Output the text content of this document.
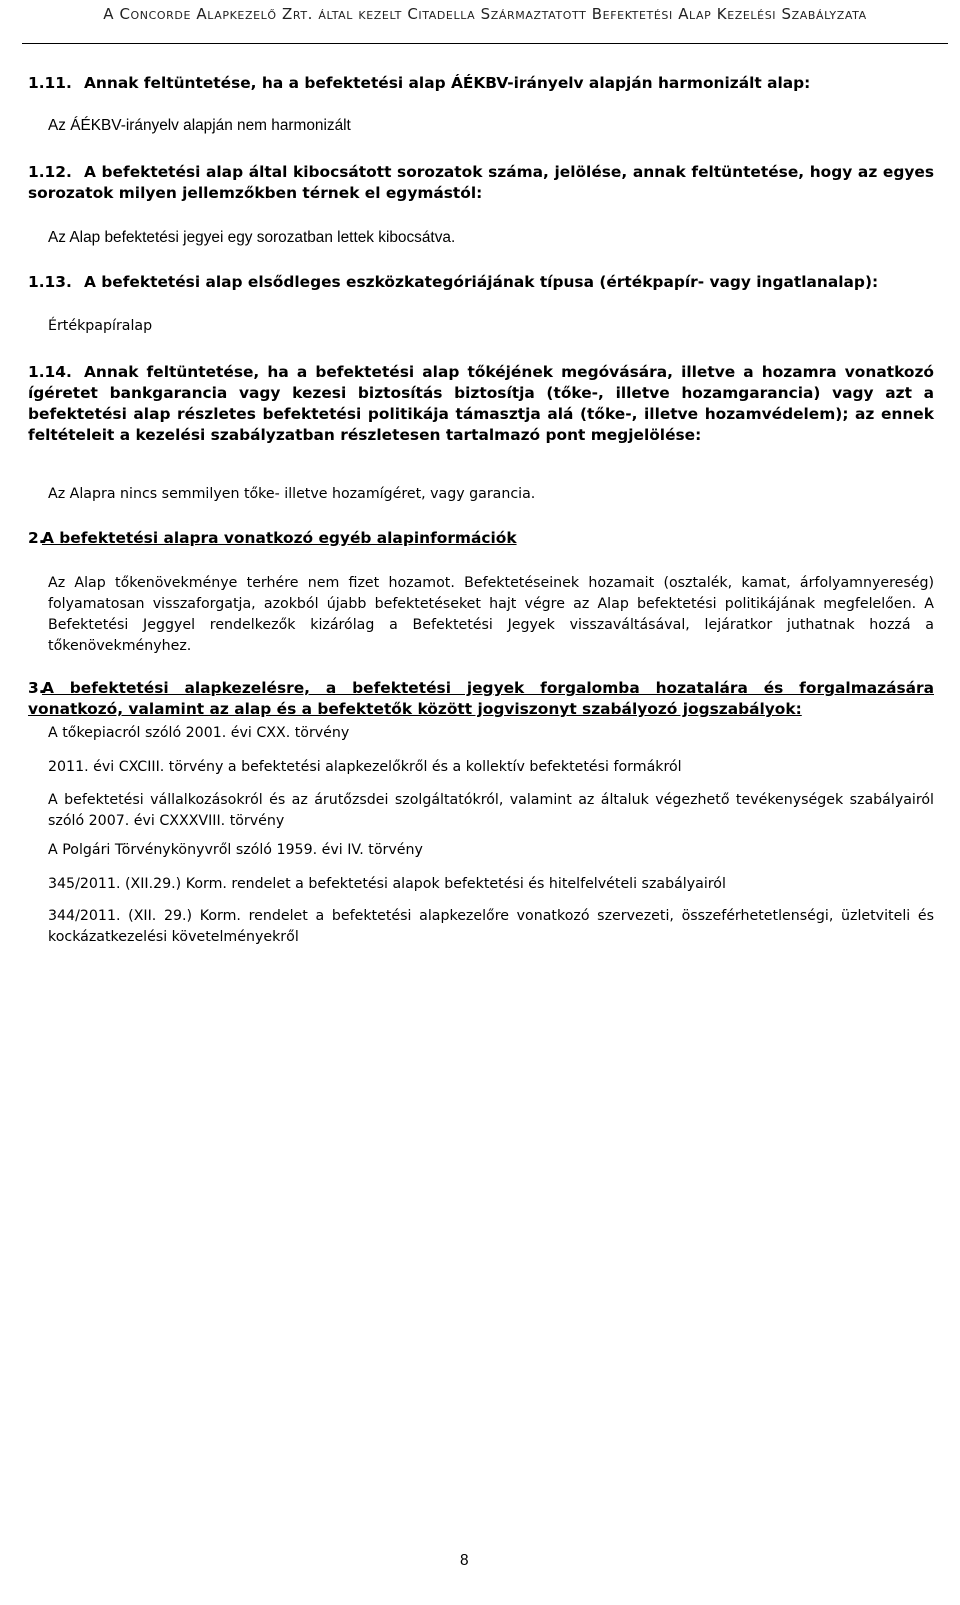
A Concorde Alapkezelő Zrt. által kezelt Citadella Származtatott Befektetési Alap Kezelési Szabályzata
1.11. Annak feltüntetése, ha a befektetési alap ÁÉKBV-irányelv alapján harmonizált alap:
Az ÁÉKBV-irányelv alapján nem harmonizált
1.12. A befektetési alap által kibocsátott sorozatok száma, jelölése, annak feltüntetése, hogy az egyes sorozatok milyen jellemzőkben térnek el egymástól:
Az Alap befektetési jegyei egy sorozatban lettek kibocsátva.
1.13. A befektetési alap elsődleges eszközkategóriájának típusa (értékpapír- vagy ingatlanalap):
Értékpapíralap
1.14. Annak feltüntetése, ha a befektetési alap tőkéjének megóvására, illetve a hozamra vonatkozó ígéretet bankgarancia vagy kezesi biztosítás biztosítja (tőke-, illetve hozamgarancia) vagy azt a befektetési alap részletes befektetési politikája támasztja alá (tőke-, illetve hozamvédelem); az ennek feltételeit a kezelési szabályzatban részletesen tartalmazó pont megjelölése:
Az Alapra nincs semmilyen tőke- illetve hozamígéret, vagy garancia.
2.
A befektetési alapra vonatkozó egyéb alapinformációk
Az Alap tőkenövekménye terhére nem fizet hozamot. Befektetéseinek hozamait (osztalék, kamat, árfolyamnyereség) folyamatosan visszaforgatja, azokból újabb befektetéseket hajt végre az Alap befektetési politikájának megfelelően. A Befektetési Jeggyel rendelkezők kizárólag a Befektetési Jegyek visszaváltásával, lejáratkor juthatnak hozzá a tőkenövekményhez.
3.
A befektetési alapkezelésre, a befektetési jegyek forgalomba hozatalára és forgalmazására vonatkozó, valamint az alap és a befektetők között jogviszonyt szabályozó jogszabályok:
A tőkepiacról szóló 2001. évi CXX. törvény
2011. évi CXCIII. törvény a befektetési alapkezelőkről és a kollektív befektetési formákról
A befektetési vállalkozásokról és az árutőzsdei szolgáltatókról, valamint az általuk végezhető tevékenységek szabályairól szóló 2007. évi CXXXVIII. törvény
A Polgári Törvénykönyvről szóló 1959. évi IV. törvény
345/2011. (XII.29.) Korm. rendelet a befektetési alapok befektetési és hitelfelvételi szabályairól
344/2011. (XII. 29.) Korm. rendelet a befektetési alapkezelőre vonatkozó szervezeti, összeférhetetlenségi, üzletviteli és kockázatkezelési követelményekről
8
